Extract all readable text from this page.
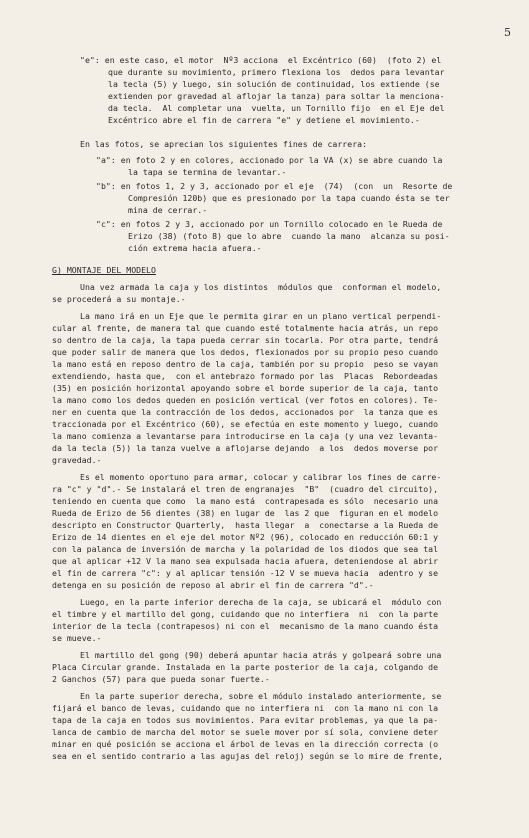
5
"e": en este caso, el motor  Nº3 acciona  el Excéntrico (60)  (foto 2) el
que durante su movimiento, primero flexiona los  dedos para levantar
la tecla (5) y luego, sin solución de continuidad, los extiende (se
extienden por gravedad al aflojar la tanza) para soltar la menciona-
da tecla.  Al completar una  vuelta, un Tornillo fijo  en el Eje del
Excéntrico abre el fin de carrera "e" y detiene el movimiento.-
En las fotos, se aprecian los siguientes fines de carrera:
"a": en foto 2 y en colores, accionado por la VA (x) se abre cuando la
la tapa se termina de levantar.-
"b": en fotos 1, 2 y 3, accionado por el eje  (74)  (con  un  Resorte de
Compresión 120b) que es presionado por la tapa cuando ésta se ter
mina de cerrar.-
"c": en fotos 2 y 3, accionado por un Tornillo colocado en le Rueda de
Erizo (38) (foto 8) que lo abre  cuando la mano  alcanza su posi-
ción extrema hacia afuera.-
G) MONTAJE DEL MODELO
Una vez armada la caja y los distintos  módulos que  conforman el modelo,
se procederá a su montaje.-
La mano irá en un Eje que le permita girar en un plano vertical perpendi-
cular al frente, de manera tal que cuando esté totalmente hacia atrás, un repo
so dentro de la caja, la tapa pueda cerrar sin tocarla. Por otra parte, tendrá
que poder salir de manera que los dedos, flexionados por su propio peso cuando
la mano está en reposo dentro de la caja, también por su propio  peso se vayan
extendiendo, hasta que,  con el antebrazo formado por las  Placas  Rebordeadas
(35) en posición horizontal apoyando sobre el borde superior de la caja, tanto
la mano como los dedos queden en posición vertical (ver fotos en colores). Te-
ner en cuenta que la contracción de los dedos, accionados por  la tanza que es
traccionada por el Excéntrico (60), se efectúa en este momento y luego, cuando
la mano comienza a levantarse para introducirse en la caja (y una vez levanta-
da la tecla (5)) la tanza vuelve a aflojarse dejando  a los  dedos moverse por
gravedad.-
Es el momento oportuno para armar, colocar y calibrar los fines de carre-
ra "c" y "d".- Se instalará el tren de engranajes  "B"  (cuadro del circuito),
teniendo en cuenta que como  la mano está  contrapesada es sólo  necesario una
Rueda de Erizo de 56 dientes (38) en lugar de  las 2 que  figuran en el modelo
descripto en Constructor Quarterly,  hasta llegar  a  conectarse a la Rueda de
Erizo de 14 dientes en el eje del motor Nº2 (96), colocado en reducción 60:1 y
con la palanca de inversión de marcha y la polaridad de los diodos que sea tal
que al aplicar +12 V la mano sea expulsada hacia afuera, deteniendose al abrir
el fin de carrera "c": y al aplicar tensión -12 V se mueva hacia  adentro y se
detenga en su posición de reposo al abrir el fin de carrera "d".-
Luego, en la parte inferior derecha de la caja, se ubicará el  módulo con
el timbre y el martillo del gong, cuidando que no interfiera  ni  con la parte
interior de la tecla (contrapesos) ni con el  mecanismo de la mano cuando ésta
se mueve.-
El martillo del gong (90) deberá apuntar hacia atrás y golpeará sobre una
Placa Circular grande. Instalada en la parte posterior de la caja, colgando de
2 Ganchos (57) para que pueda sonar fuerte.-
En la parte superior derecha, sobre el módulo instalado anteriormente, se
fijará el banco de levas, cuidando que no interfiera ni  con la mano ni con la
tapa de la caja en todos sus movimientos. Para evitar problemas, ya que la pa-
lanca de cambio de marcha del motor se suele mover por sí sola, conviene deter
minar en qué posición se acciona el árbol de levas en la dirección correcta (o
sea en el sentido contrario a las agujas del reloj) según se lo mire de frente,
